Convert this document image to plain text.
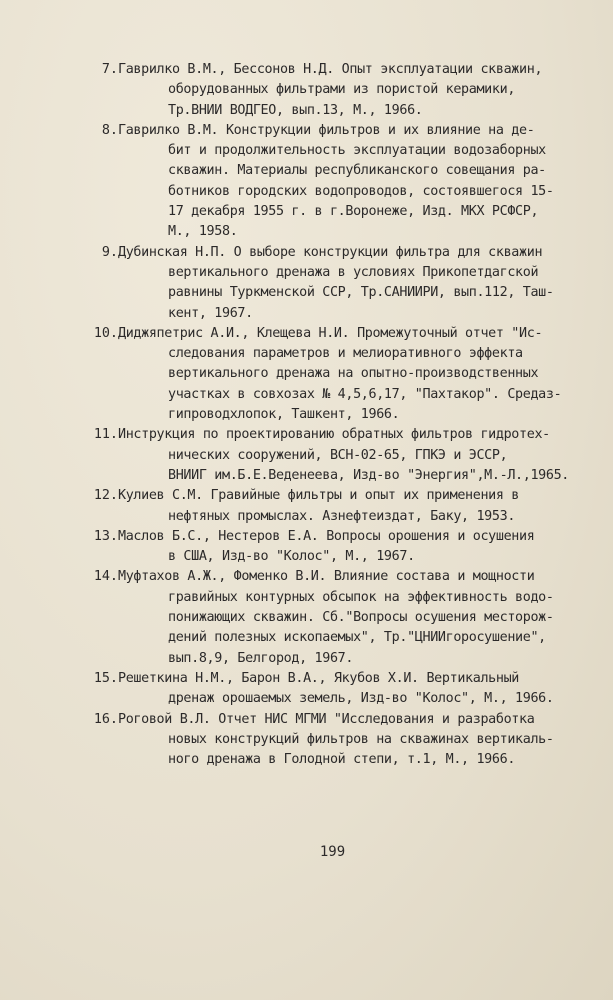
7. Гаврилко В.М., Бессонов Н.Д. Опыт эксплуатации скважин,
оборудованных фильтрами из пористой керамики,
Тр.ВНИИ ВОДГЕО, вып.13, М., 1966.
8. Гаврилко В.М. Конструкции фильтров и их влияние на де-
бит и продолжительность эксплуатации водозаборных
скважин. Материалы республиканского совещания ра-
ботников городских водопроводов, состоявшегося 15-
17 декабря 1955 г. в г.Воронеже, Изд. МКХ РСФСР,
М., 1958.
9. Дубинская Н.П. О выборе конструкции фильтра для скважин
вертикального дренажа в условиях Прикопетдагской
равнины Туркменской ССР, Тр.САНИИРИ, вып.112, Таш-
кент, 1967.
10. Диджяпетрис А.И., Клещева Н.И. Промежуточный отчет "Ис-
следования параметров и мелиоративного эффекта
вертикального дренажа на опытно-производственных
участках в совхозах № 4,5,6,17, "Пахтакор". Средаз-
гипроводхлопок, Ташкент, 1966.
11. Инструкция по проектированию обратных фильтров гидротех-
нических сооружений, ВСН-02-65, ГПКЭ и ЭССР,
ВНИИГ им.Б.Е.Веденеева, Изд-во "Энергия",М.-Л.,1965.
12. Кулиев С.М. Гравийные фильтры и опыт их применения в
нефтяных промыслах. Азнефтеиздат, Баку, 1953.
13. Маслов Б.С., Нестеров Е.А. Вопросы орошения и осушения
в США, Изд-во "Колос", М., 1967.
14. Муфтахов А.Ж., Фоменко В.И. Влияние состава и мощности
гравийных контурных обсыпок на эффективность водо-
понижающих скважин. Сб."Вопросы осушения месторож-
дений полезных ископаемых", Тр."ЦНИИгоросушение",
вып.8,9, Белгород, 1967.
15. Решеткина Н.М., Барон В.А., Якубов Х.И. Вертикальный
дренаж орошаемых земель, Изд-во "Колос", М., 1966.
16. Роговой В.Л. Отчет НИС МГМИ "Исследования и разработка
новых конструкций фильтров на скважинах вертикаль-
ного дренажа в Голодной степи, т.1, М., 1966.
199
